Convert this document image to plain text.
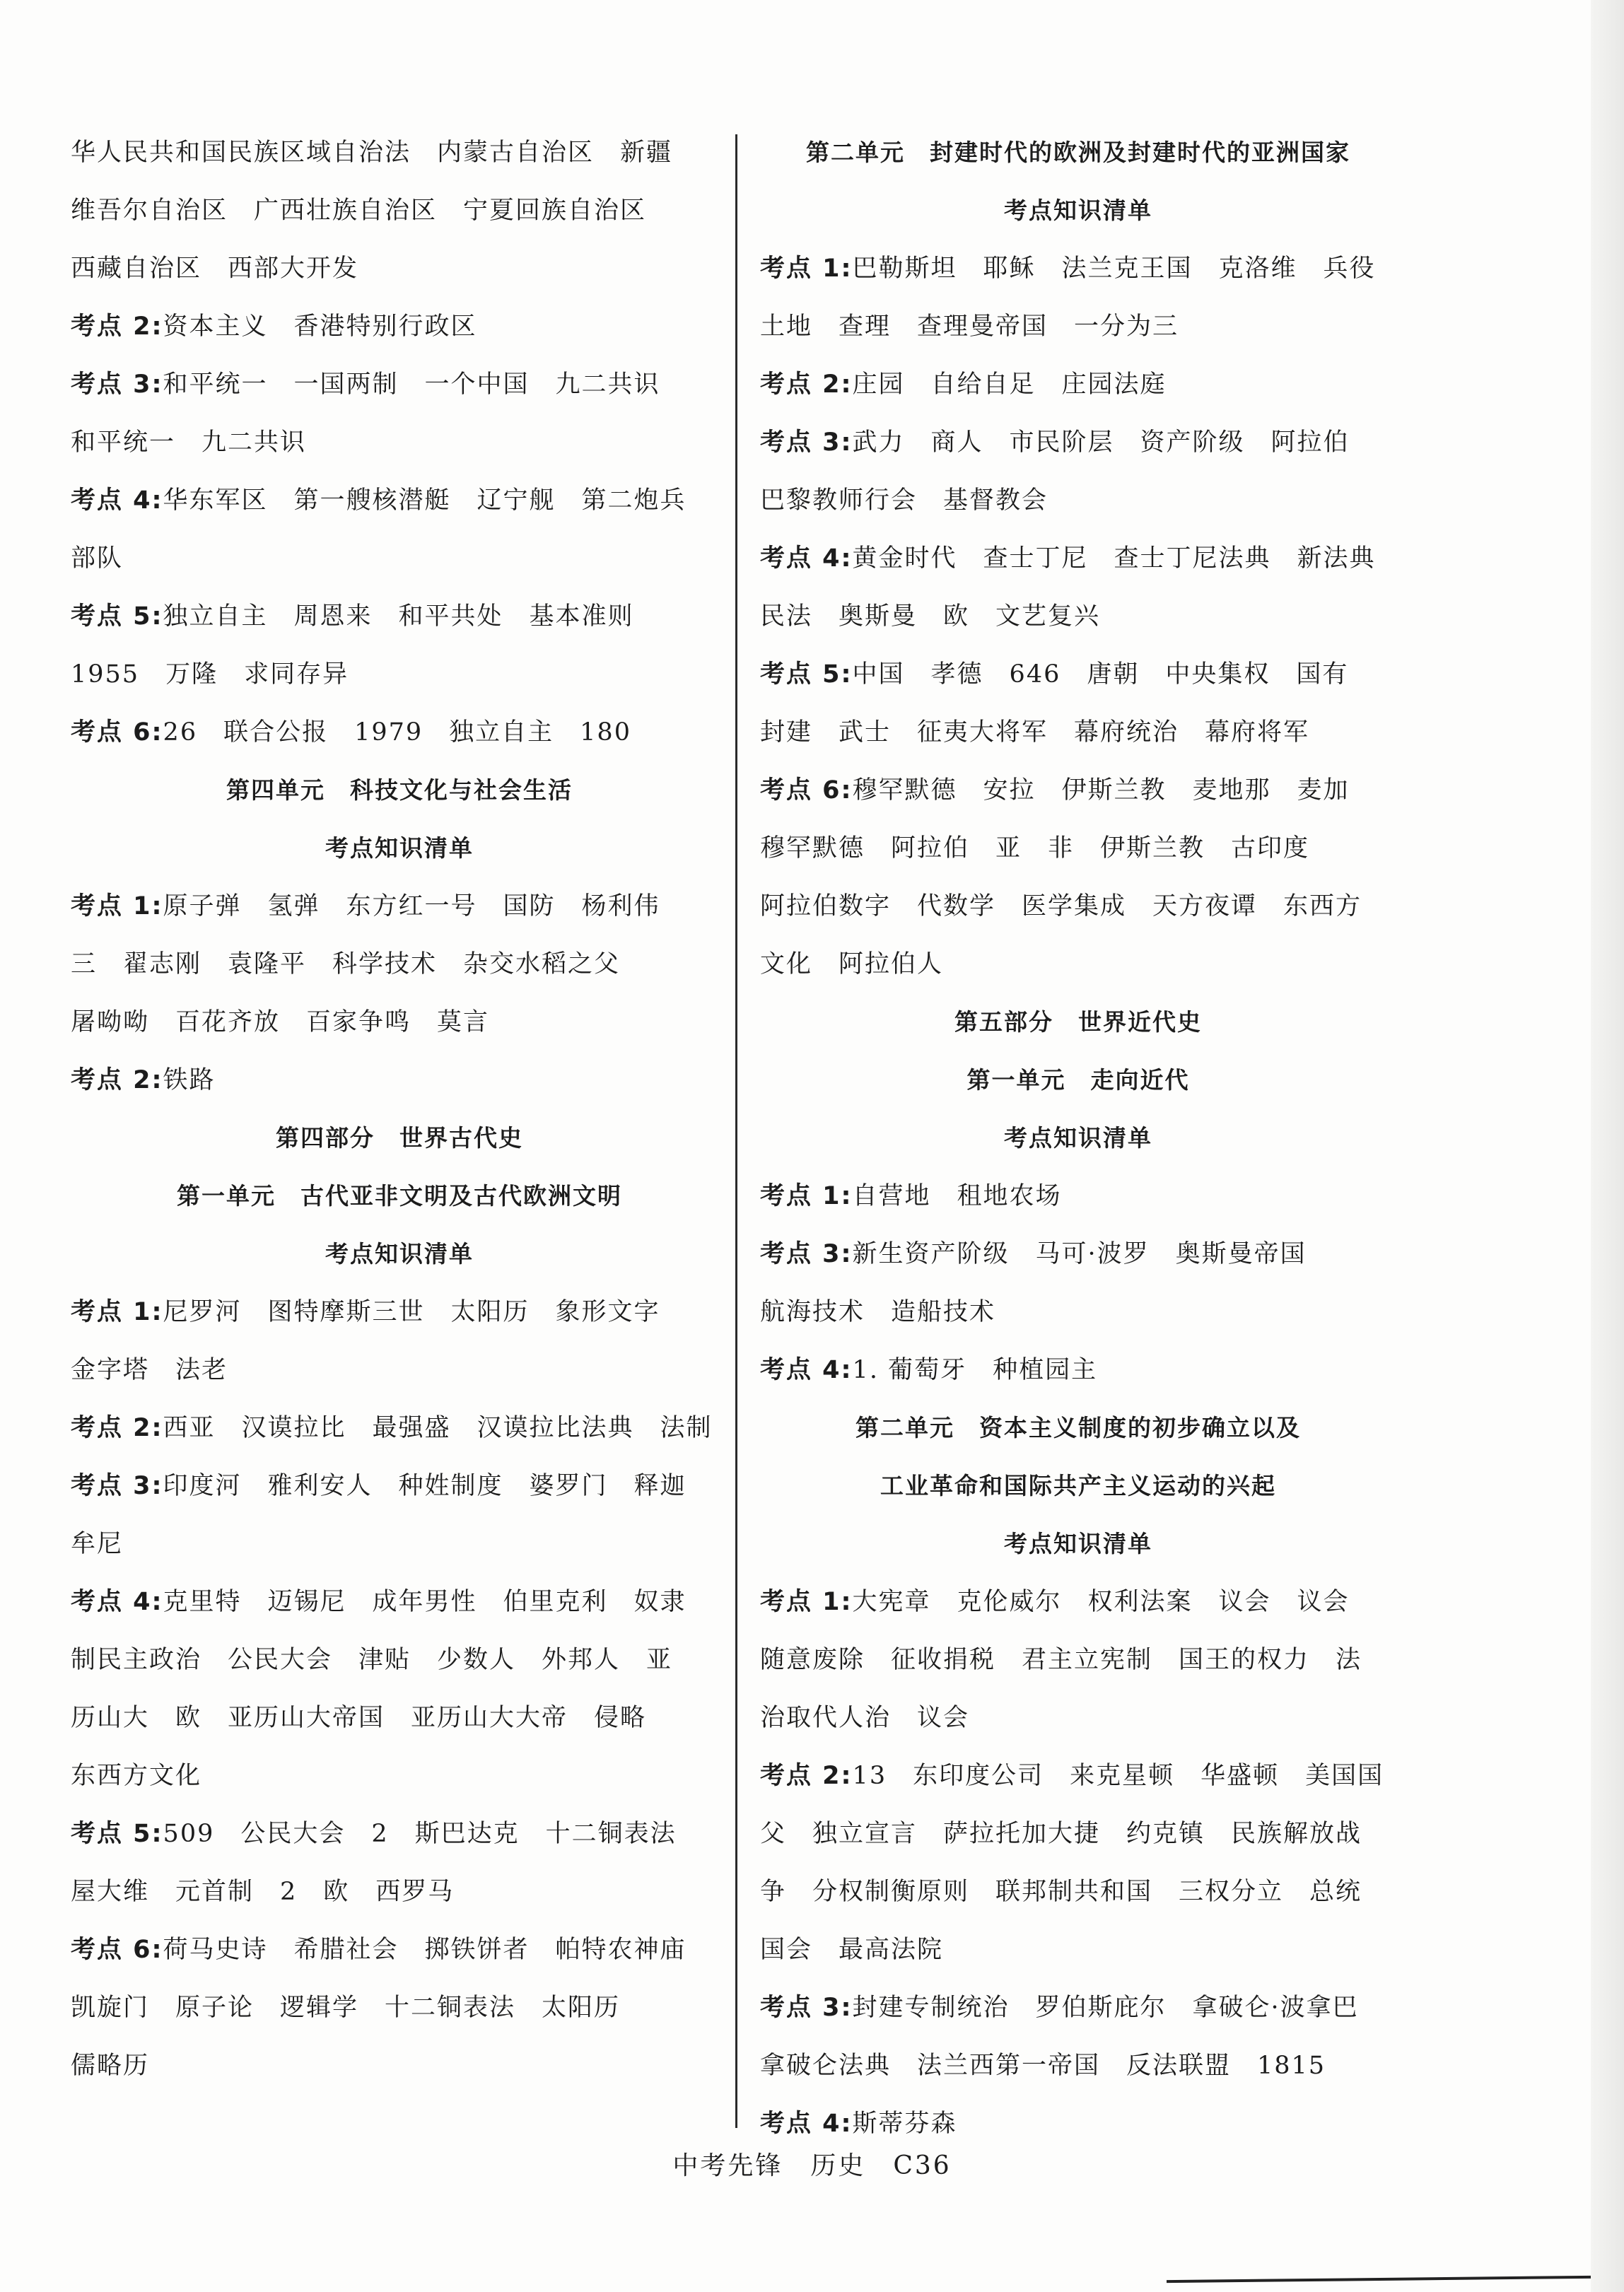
华人民共和国民族区域自治法　内蒙古自治区　新疆
维吾尔自治区　广西壮族自治区　宁夏回族自治区
西藏自治区　西部大开发
考点 2:资本主义　香港特别行政区
考点 3:和平统一　一国两制　一个中国　九二共识
和平统一　九二共识
考点 4:华东军区　第一艘核潜艇　辽宁舰　第二炮兵
部队
考点 5:独立自主　周恩来　和平共处　基本准则
1955　万隆　求同存异
考点 6:26　联合公报　1979　独立自主　180
第四单元　科技文化与社会生活
考点知识清单
考点 1:原子弹　氢弹　东方红一号　国防　杨利伟
三　翟志刚　袁隆平　科学技术　杂交水稻之父
屠呦呦　百花齐放　百家争鸣　莫言
考点 2:铁路
第四部分　世界古代史
第一单元　古代亚非文明及古代欧洲文明
考点知识清单
考点 1:尼罗河　图特摩斯三世　太阳历　象形文字
金字塔　法老
考点 2:西亚　汉谟拉比　最强盛　汉谟拉比法典　法制
考点 3:印度河　雅利安人　种姓制度　婆罗门　释迦
牟尼
考点 4:克里特　迈锡尼　成年男性　伯里克利　奴隶
制民主政治　公民大会　津贴　少数人　外邦人　亚
历山大　欧　亚历山大帝国　亚历山大大帝　侵略
东西方文化
考点 5:509　公民大会　2　斯巴达克　十二铜表法
屋大维　元首制　2　欧　西罗马
考点 6:荷马史诗　希腊社会　掷铁饼者　帕特农神庙
凯旋门　原子论　逻辑学　十二铜表法　太阳历
儒略历
第二单元　封建时代的欧洲及封建时代的亚洲国家
考点知识清单
考点 1:巴勒斯坦　耶稣　法兰克王国　克洛维　兵役
土地　查理　查理曼帝国　一分为三
考点 2:庄园　自给自足　庄园法庭
考点 3:武力　商人　市民阶层　资产阶级　阿拉伯
巴黎教师行会　基督教会
考点 4:黄金时代　查士丁尼　查士丁尼法典　新法典
民法　奥斯曼　欧　文艺复兴
考点 5:中国　孝德　646　唐朝　中央集权　国有
封建　武士　征夷大将军　幕府统治　幕府将军
考点 6:穆罕默德　安拉　伊斯兰教　麦地那　麦加
穆罕默德　阿拉伯　亚　非　伊斯兰教　古印度
阿拉伯数字　代数学　医学集成　天方夜谭　东西方
文化　阿拉伯人
第五部分　世界近代史
第一单元　走向近代
考点知识清单
考点 1:自营地　租地农场
考点 3:新生资产阶级　马可·波罗　奥斯曼帝国
航海技术　造船技术
考点 4:1. 葡萄牙　种植园主
第二单元　资本主义制度的初步确立以及
工业革命和国际共产主义运动的兴起
考点知识清单
考点 1:大宪章　克伦威尔　权利法案　议会　议会
随意废除　征收捐税　君主立宪制　国王的权力　法
治取代人治　议会
考点 2:13　东印度公司　来克星顿　华盛顿　美国国
父　独立宣言　萨拉托加大捷　约克镇　民族解放战
争　分权制衡原则　联邦制共和国　三权分立　总统
国会　最高法院
考点 3:封建专制统治　罗伯斯庇尔　拿破仑·波拿巴
拿破仑法典　法兰西第一帝国　反法联盟　1815
考点 4:斯蒂芬森
中考先锋　历史　C36
